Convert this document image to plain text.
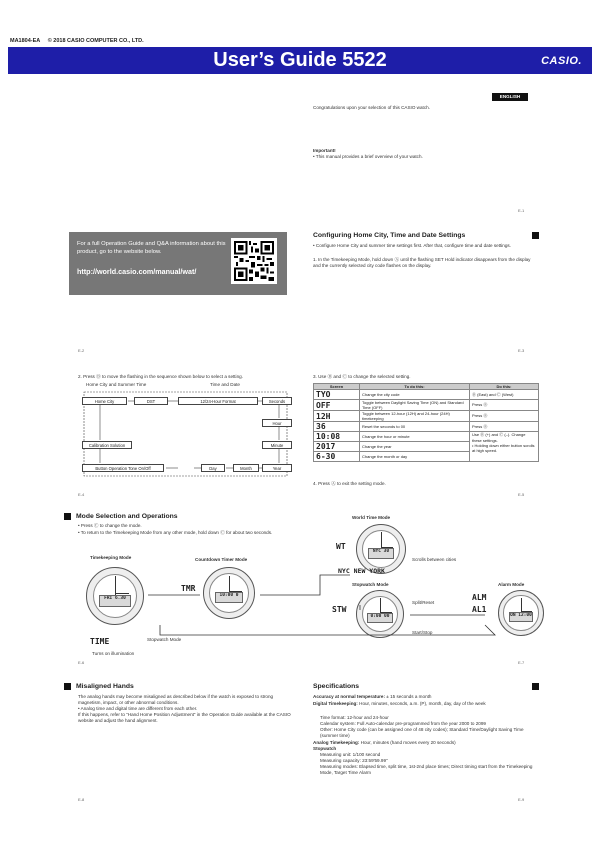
MA1804-EA © 2018 CASIO COMPUTER CO., LTD.
User’s Guide 5522	CASIO.
ENGLISH
Congratulations upon your selection of this CASIO watch.
Important!
• This manual provides a brief overview of your watch.
E-1
For a full Operation Guide and Q&A information about this product, go to the website below.
http://world.casio.com/manual/wat/
Configuring Home City, Time and Date Settings
• Configure Home City and summer time settings first. After that, configure time and date settings.
1. In the Timekeeping Mode, hold down Ⓐ until the flashing SET Hold indicator disappears from the display and the currently selected city code flashes on the display.
E-2	E-3
2. Press Ⓓ to move the flashing in the sequence shown below to select a setting.
Home City and Summer Time	Time and Date
Home City	DST	12/24-Hour Format	Seconds
Hour
Calibration Solution	Minute
Button Operation Tone On/Off	Day	Month	Year
E-4
3. Use Ⓑ and Ⓒ to change the selected setting.
Screen	To do this:	Do this:
TYO	Change the city code	Ⓑ (East) and Ⓒ (West)
OFF	Toggle between Daylight Saving Time (ON) and Standard Time (OFF)	Press Ⓑ
12H	Toggle between 12-hour (12H) and 24-hour (24H) timekeeping	Press Ⓑ
36	Reset the seconds to 00	Press Ⓑ
10:08	Change the hour or minute	Use Ⓑ (+) and Ⓒ (–). Change these settings.
• Holding down either button scrolls at high speed.

2017	Change the year	
6-30	Change the month or day	
4. Press Ⓐ to exit the setting mode.
E-5
Mode Selection and Operations
• Press Ⓒ to change the mode.
• To return to the Timekeeping Mode from any other mode, hold down Ⓒ for about two seconds.
Timekeeping Mode	Countdown Timer Mode
World Time Mode
Stopwatch Mode	Alarm Mode
FRI 6.30
10:00 0
NYC 30
0:00 00	ON 12:00
TMR
WT
NYC NEW YORK
STW
ALM
AL1
TIME
Turns on illumination
Stopwatch Mode
Split/Reset
Start/Stop
Scrolls between cities
E-6	E-7
Misaligned Hands
The analog hands may become misaligned as described below if the watch is exposed to strong magnetism, impact, or other abnormal conditions.
• Analog time and digital time are different from each other.
If this happens, refer to “Hand Home Position Adjustment” in the Operation Guide available at the CASIO website and adjust the hand alignment.
E-8
Specifications
Accuracy at normal temperature: ± 15 seconds a month
Digital Timekeeping: Hour, minutes, seconds, a.m. (P), month, day, day of the week
Time format: 12-hour and 24-hour
Calendar system: Full Auto-calendar pre-programmed from the year 2000 to 2099
Other: Home City code (can be assigned one of 48 city codes); Standard Time/Daylight Saving Time (summer time)
Analog Timekeeping: Hour, minutes (hand moves every 20 seconds)
Stopwatch
Measuring unit: 1/100 second
Measuring capacity: 23:59'59.99"
Measuring modes: Elapsed time, split time, 1st-2nd place times; Direct timing start from the Timekeeping Mode, Target Time Alarm
E-9
